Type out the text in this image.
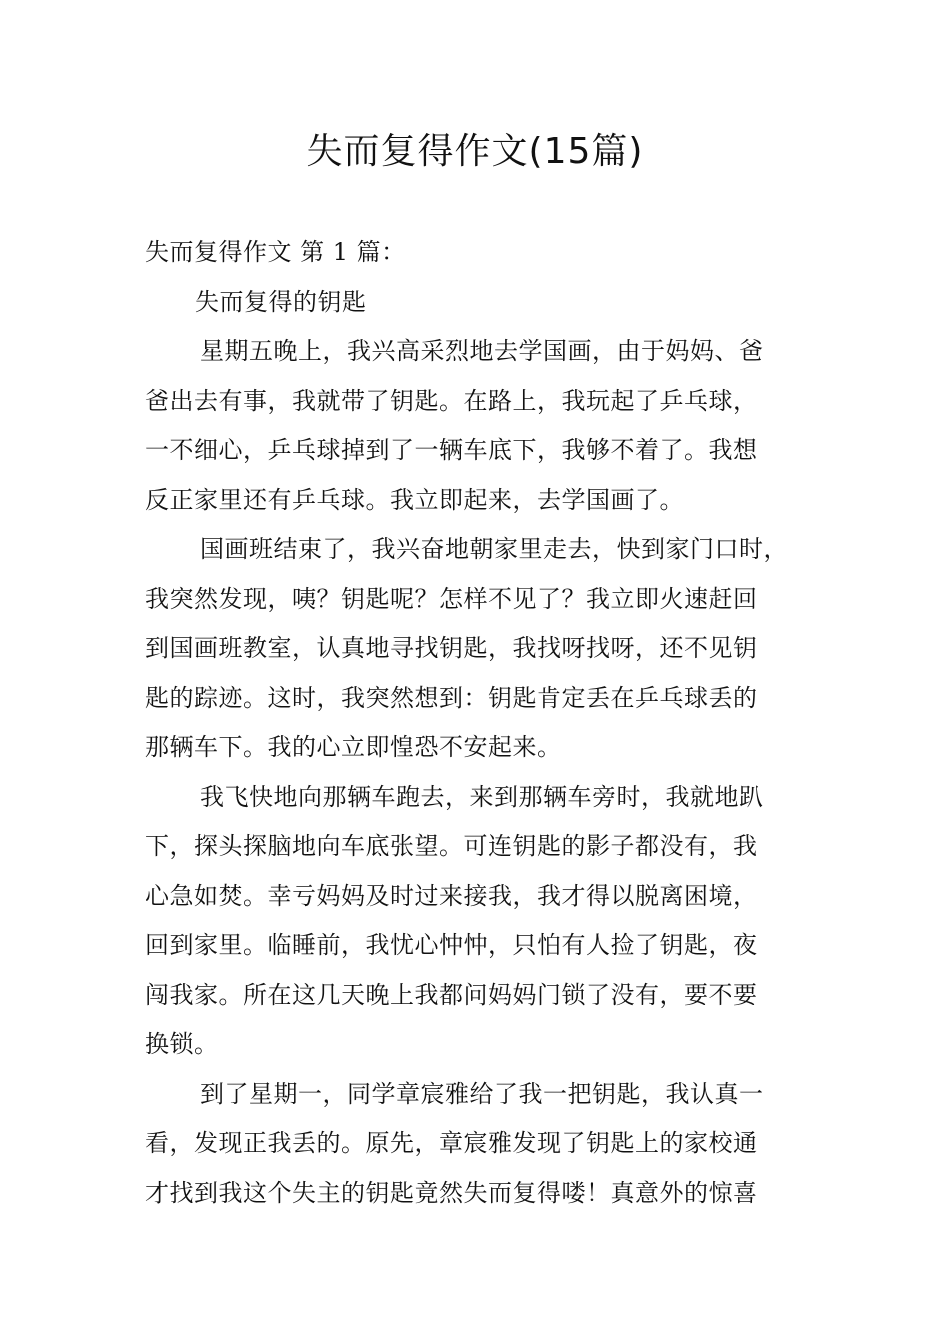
失而复得作文(15篇)
失而复得作文 第 1 篇：
失而复得的钥匙
星期五晚上，我兴高采烈地去学国画，由于妈妈、爸
爸出去有事，我就带了钥匙。在路上，我玩起了乒乓球，
一不细心，乒乓球掉到了一辆车底下，我够不着了。我想
反正家里还有乒乓球。我立即起来，去学国画了。
国画班结束了，我兴奋地朝家里走去，快到家门口时，
我突然发现，咦？钥匙呢？怎样不见了？我立即火速赶回
到国画班教室，认真地寻找钥匙，我找呀找呀，还不见钥
匙的踪迹。这时，我突然想到：钥匙肯定丢在乒乓球丢的
那辆车下。我的心立即惶恐不安起来。
我飞快地向那辆车跑去，来到那辆车旁时，我就地趴
下，探头探脑地向车底张望。可连钥匙的影子都没有，我
心急如焚。幸亏妈妈及时过来接我，我才得以脱离困境，
回到家里。临睡前，我忧心忡忡，只怕有人捡了钥匙，夜
闯我家。所在这几天晚上我都问妈妈门锁了没有，要不要
换锁。
到了星期一，同学章宸雅给了我一把钥匙，我认真一
看，发现正我丢的。原先，章宸雅发现了钥匙上的家校通
才找到我这个失主的钥匙竟然失而复得喽！真意外的惊喜
